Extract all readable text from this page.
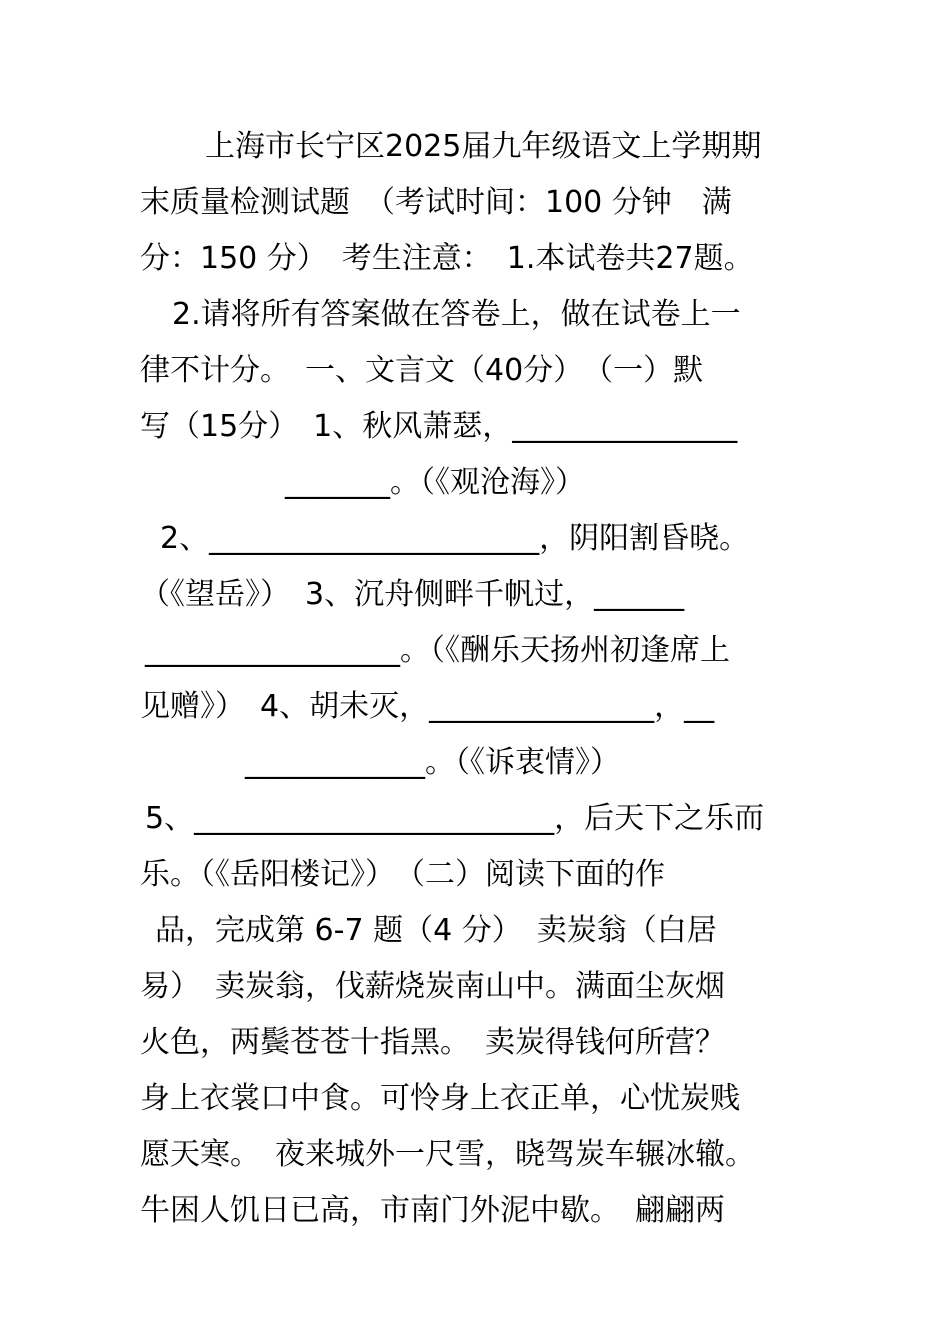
上海市长宁区2025届九年级语文上学期期
末质量检测试题　（考试时间：100 分钟　满
分：150 分）　考生注意：　1.本试卷共27题。
2.请将所有答案做在答卷上，做在试卷上一
律不计分。　一、文言文（40分）　（一）默
写（15分）　1、秋风萧瑟，_______________
_______。（《观沧海》）
2、______________________，阴阳割昏晓。
（《望岳》）　3、沉舟侧畔千帆过，______
_________________。（《酬乐天扬州初逢席上
见赠》）　4、胡未灭，_______________，__
____________。（《诉衷情》）
5、________________________，后天下之乐而
乐。（《岳阳楼记》）　（二）阅读下面的作
品，完成第 6-7 题（4 分）　卖炭翁（白居
易）　卖炭翁，伐薪烧炭南山中。满面尘灰烟
火色，两鬓苍苍十指黑。　卖炭得钱何所营？
身上衣裳口中食。可怜身上衣正单，心忧炭贱
愿天寒。　夜来城外一尺雪，晓驾炭车辗冰辙。
牛困人饥日已高，市南门外泥中歇。　翩翩两
